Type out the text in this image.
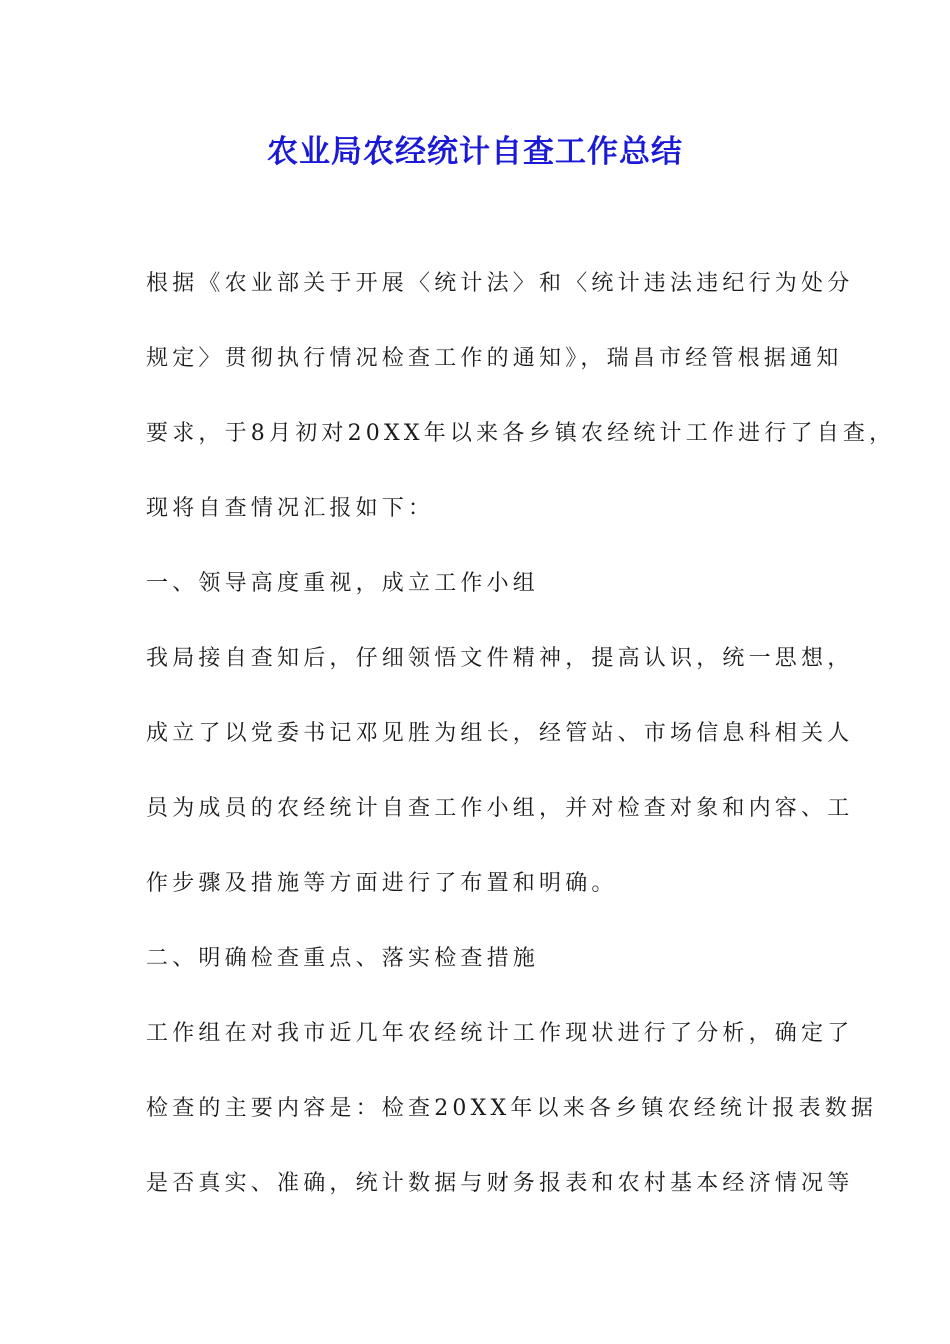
农业局农经统计自查工作总结

根据《农业部关于开展〈统计法〉和〈统计违法违纪行为处分

规定〉贯彻执行情况检查工作的通知》，瑞昌市经管根据通知

要求，于8月初对20XX年以来各乡镇农经统计工作进行了自查，

现将自查情况汇报如下：

一、领导高度重视，成立工作小组

我局接自查知后，仔细领悟文件精神，提高认识，统一思想，

成立了以党委书记邓见胜为组长，经管站、市场信息科相关人

员为成员的农经统计自查工作小组，并对检查对象和内容、工

作步骤及措施等方面进行了布置和明确。

二、明确检查重点、落实检查措施

工作组在对我市近几年农经统计工作现状进行了分析，确定了

检查的主要内容是：检查20XX年以来各乡镇农经统计报表数据

是否真实、准确，统计数据与财务报表和农村基本经济情况等
